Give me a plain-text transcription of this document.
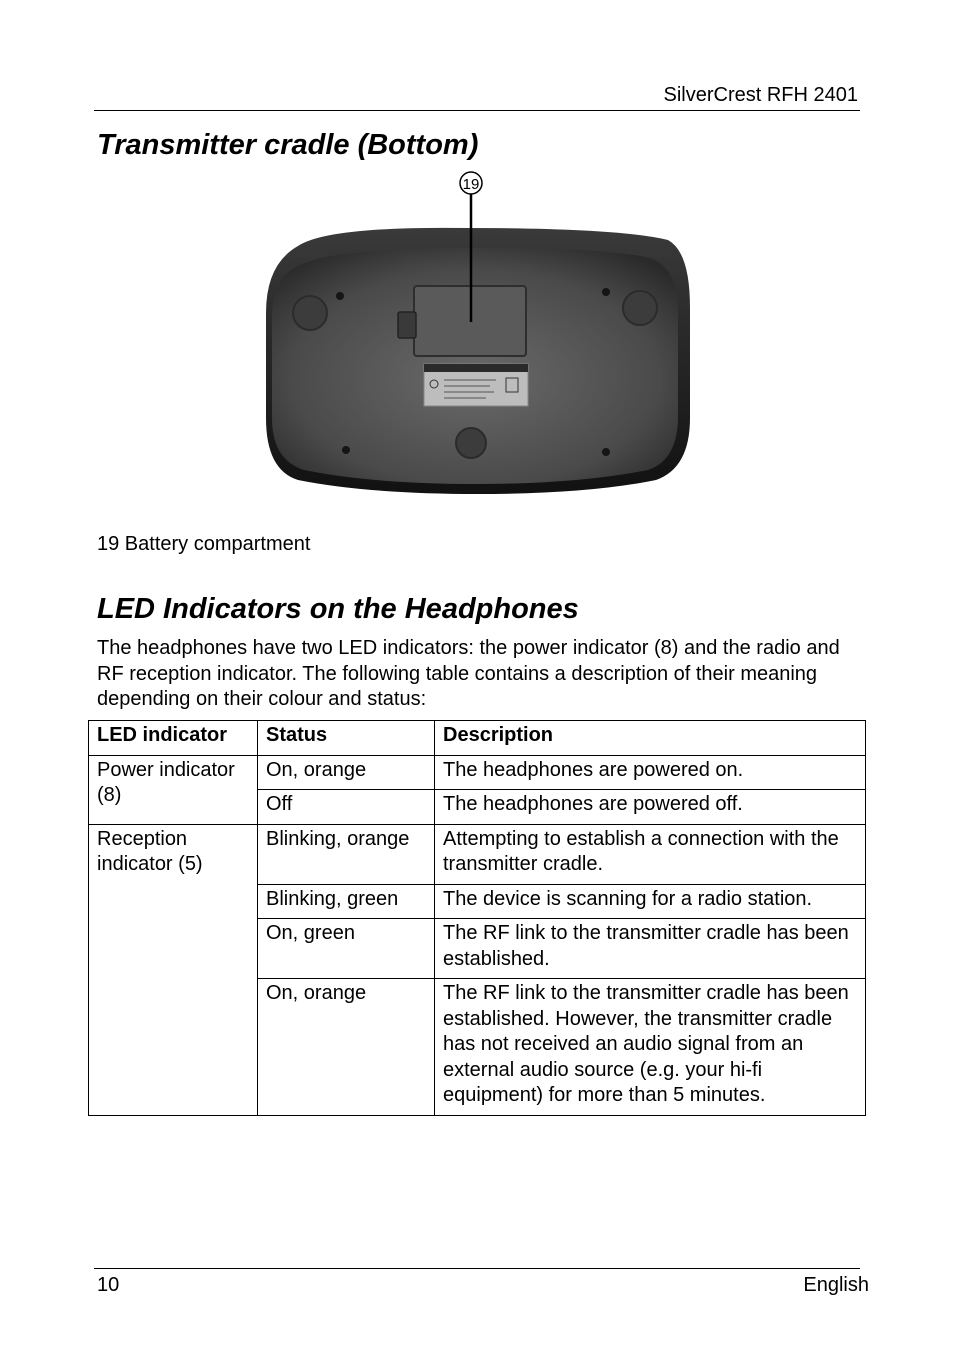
SilverCrest RFH 2401
Transmitter cradle (Bottom)
19
19 Battery compartment
LED Indicators on the Headphones
The headphones have two LED indicators: the power indicator (8) and the radio and RF reception indicator. The following table contains a description of their meaning depending on their colour and status:
LED indicator	Status	Description
Power indicator (8)	On, orange	The headphones are powered on.
	Off	The headphones are powered off.
Reception indicator (5)	Blinking, orange	Attempting to establish a connection with the transmitter cradle.
	Blinking, green	The device is scanning for a radio station.
	On, green	The RF link to the transmitter cradle has been established.
	On, orange	The RF link to the transmitter cradle has been established. However, the transmitter cradle has not received an audio signal from an external audio source (e.g. your hi-fi equipment) for more than 5 minutes.
10	English
